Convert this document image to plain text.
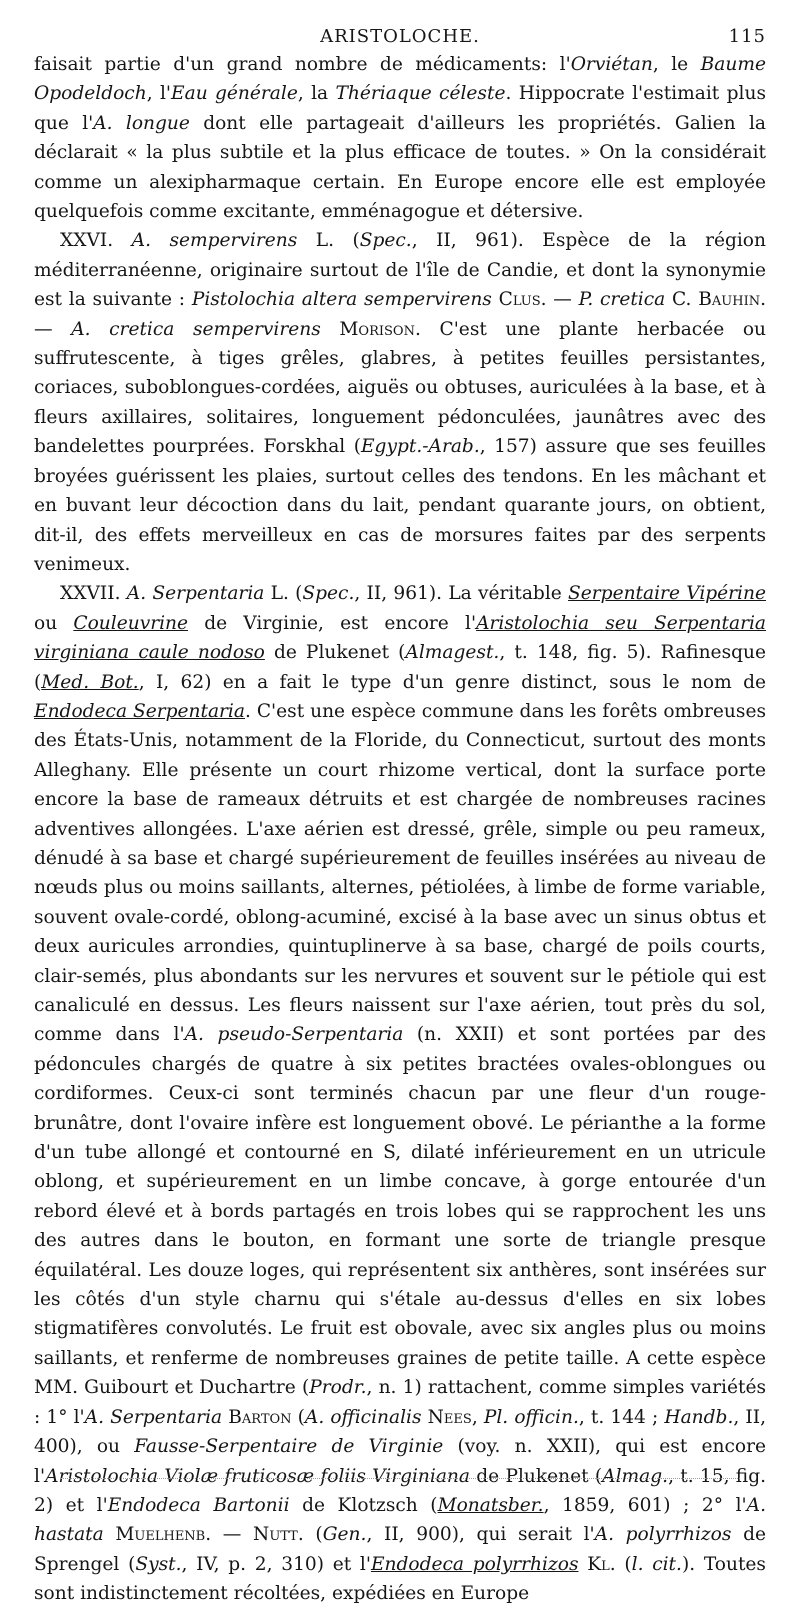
ARISTOLOCHE.	115

faisait partie d'un grand nombre de médicaments: l'Orviétan, le Baume Opodeldoch, l'Eau générale, la Thériaque céleste. Hippocrate l'estimait plus que l'A. longue dont elle partageait d'ailleurs les propriétés. Galien la déclarait « la plus subtile et la plus efficace de toutes. » On la considérait comme un alexipharmaque certain. En Europe encore elle est employée quelquefois comme excitante, emménagogue et détersive.

XXVI. A. sempervirens L. (Spec., II, 961). Espèce de la région méditerranéenne, originaire surtout de l'île de Candie, et dont la synonymie est la suivante : Pistolochia altera sempervirens Clus. — P. cretica C. Bauhin. — A. cretica sempervirens Morison. C'est une plante herbacée ou suffrutescente, à tiges grêles, glabres, à petites feuilles persistantes, coriaces, suboblongues-cordées, aiguës ou obtuses, auriculées à la base, et à fleurs axillaires, solitaires, longuement pédonculées, jaunâtres avec des bandelettes pourprées. Forskhal (Egypt.-Arab., 157) assure que ses feuilles broyées guérissent les plaies, surtout celles des tendons. En les mâchant et en buvant leur décoction dans du lait, pendant quarante jours, on obtient, dit-il, des effets merveilleux en cas de morsures faites par des serpents venimeux.

XXVII. A. Serpentaria L. (Spec., II, 961). La véritable Serpentaire Vipérine ou Couleuvrine de Virginie, est encore l'Aristolochia seu Serpentaria virginiana caule nodoso de Plukenet (Almagest., t. 148, fig. 5). Rafinesque (Med. Bot., I, 62) en a fait le type d'un genre distinct, sous le nom de Endodeca Serpentaria. C'est une espèce commune dans les forêts ombreuses des États-Unis, notamment de la Floride, du Connecticut, surtout des monts Alleghany. Elle présente un court rhizome vertical, dont la surface porte encore la base de rameaux détruits et est chargée de nombreuses racines adventives allongées. L'axe aérien est dressé, grêle, simple ou peu rameux, dénudé à sa base et chargé supérieurement de feuilles insérées au niveau de nœuds plus ou moins saillants, alternes, pétiolées, à limbe de forme variable, souvent ovale-cordé, oblong-acuminé, excisé à la base avec un sinus obtus et deux auricules arrondies, quintuplinerve à sa base, chargé de poils courts, clair-semés, plus abondants sur les nervures et souvent sur le pétiole qui est canaliculé en dessus. Les fleurs naissent sur l'axe aérien, tout près du sol, comme dans l'A. pseudo-Serpentaria (n. XXII) et sont portées par des pédoncules chargés de quatre à six petites bractées ovales-oblongues ou cordiformes. Ceux-ci sont terminés chacun par une fleur d'un rouge-brunâtre, dont l'ovaire infère est longuement obové. Le périanthe a la forme d'un tube allongé et contourné en S, dilaté inférieurement en un utricule oblong, et supérieurement en un limbe concave, à gorge entourée d'un rebord élevé et à bords partagés en trois lobes qui se rapprochent les uns des autres dans le bouton, en formant une sorte de triangle presque équilatéral. Les douze loges, qui représentent six anthères, sont insérées sur les côtés d'un style charnu qui s'étale au-dessus d'elles en six lobes stigmatifères convolutés. Le fruit est obovale, avec six angles plus ou moins saillants, et renferme de nombreuses graines de petite taille. A cette espèce MM. Guibourt et Duchartre (Prodr., n. 1) rattachent, comme simples variétés : 1° l'A. Serpentaria Barton (A. officinalis Nees, Pl. officin., t. 144 ; Handb., II, 400), ou Fausse-Serpentaire de Virginie (voy. n. XXII), qui est encore l'Aristolochia Violæ fruticosæ foliis Virginiana de Plukenet (Almag., t. 15, fig. 2) et l'Endodeca Bartonii de Klotzsch (Monatsber., 1859, 601) ; 2° l'A. hastata Muelhenb. — Nutt. (Gen., II, 900), qui serait l'A. polyrrhizos de Sprengel (Syst., IV, p. 2, 310) et l'Endodeca polyrrhizos Kl. (l. cit.). Toutes sont indistinctement récoltées, expédiées en Europe
